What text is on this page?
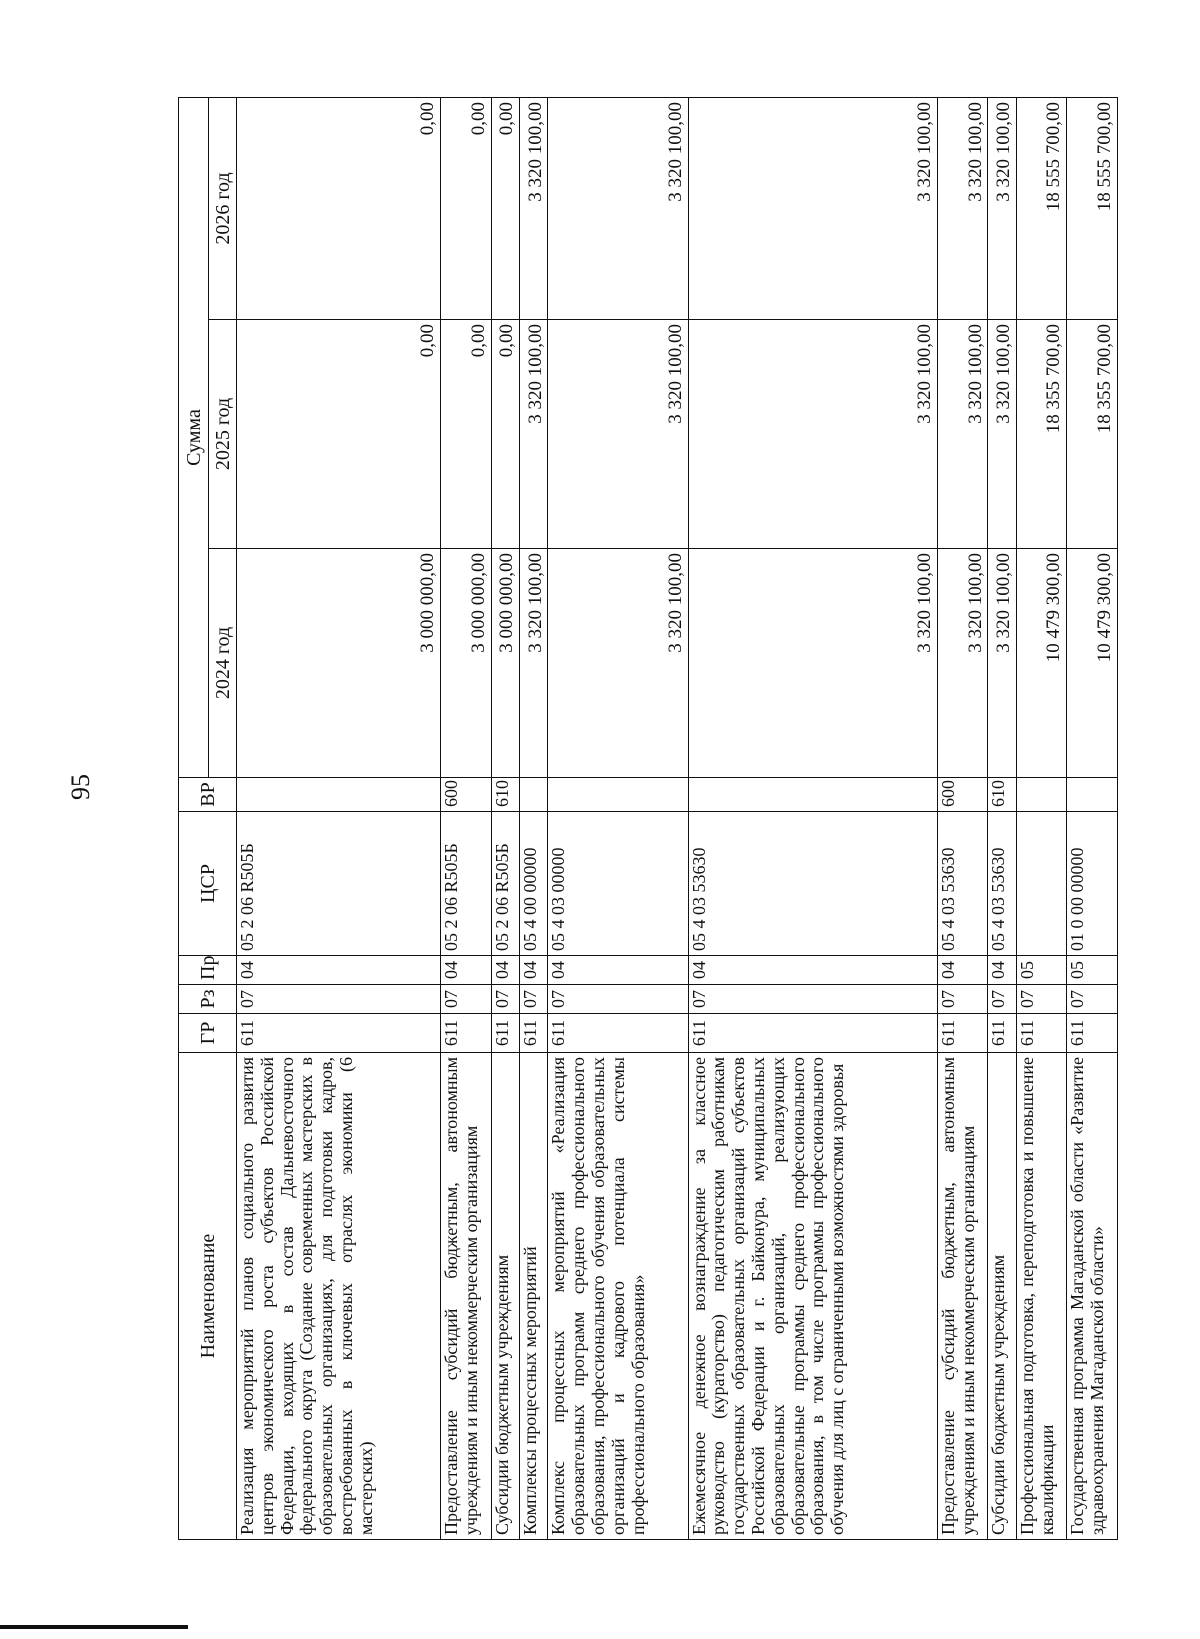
95
Наименование	ГР	Рз	Пр	ЦСР	ВР	Сумма		
						2024 год	2025 год	2026 год
Реализация мероприятий планов социального развития центров экономического роста субъектов Российской Федерации, входящих в состав Дальневосточного федерального округа (Создание современных мастерских в образовательных организациях, для подготовки кадров, востребованных в ключевых отраслях экономики (6 мастерских)	611	07	04	05 2 06 R505Б		3 000 000,00	0,00	0,00
Предоставление субсидий бюджетным, автономным учреждениям и иным некоммерческим организациям	611	07	04	05 2 06 R505Б	600	3 000 000,00	0,00	0,00
Субсидии бюджетным учреждениям	611	07	04	05 2 06 R505Б	610	3 000 000,00	0,00	0,00
Комплексы процессных мероприятий	611	07	04	05 4 00 00000		3 320 100,00	3 320 100,00	3 320 100,00
Комплекс процессных мероприятий «Реализация образовательных программ среднего профессионального образования, профессионального обучения образовательных организаций и кадрового потенциала системы профессионального образования»	611	07	04	05 4 03 00000		3 320 100,00	3 320 100,00	3 320 100,00
Ежемесячное денежное вознаграждение за классное руководство (кураторство) педагогическим работникам государственных образовательных организаций субъектов Российской Федерации и г. Байконура, муниципальных образовательных организаций, реализующих образовательные программы среднего профессионального образования, в том числе программы профессионального обучения для лиц с ограниченными возможностями здоровья	611	07	04	05 4 03 53630		3 320 100,00	3 320 100,00	3 320 100,00
Предоставление субсидий бюджетным, автономным учреждениям и иным некоммерческим организациям	611	07	04	05 4 03 53630	600	3 320 100,00	3 320 100,00	3 320 100,00
Субсидии бюджетным учреждениям	611	07	04	05 4 03 53630	610	3 320 100,00	3 320 100,00	3 320 100,00
Профессиональная подготовка, переподготовка и повышение квалификации	611	07	05			10 479 300,00	18 355 700,00	18 555 700,00
Государственная программа Магаданской области «Развитие здравоохранения Магаданской области»	611	07	05	01 0 00 00000		10 479 300,00	18 355 700,00	18 555 700,00
